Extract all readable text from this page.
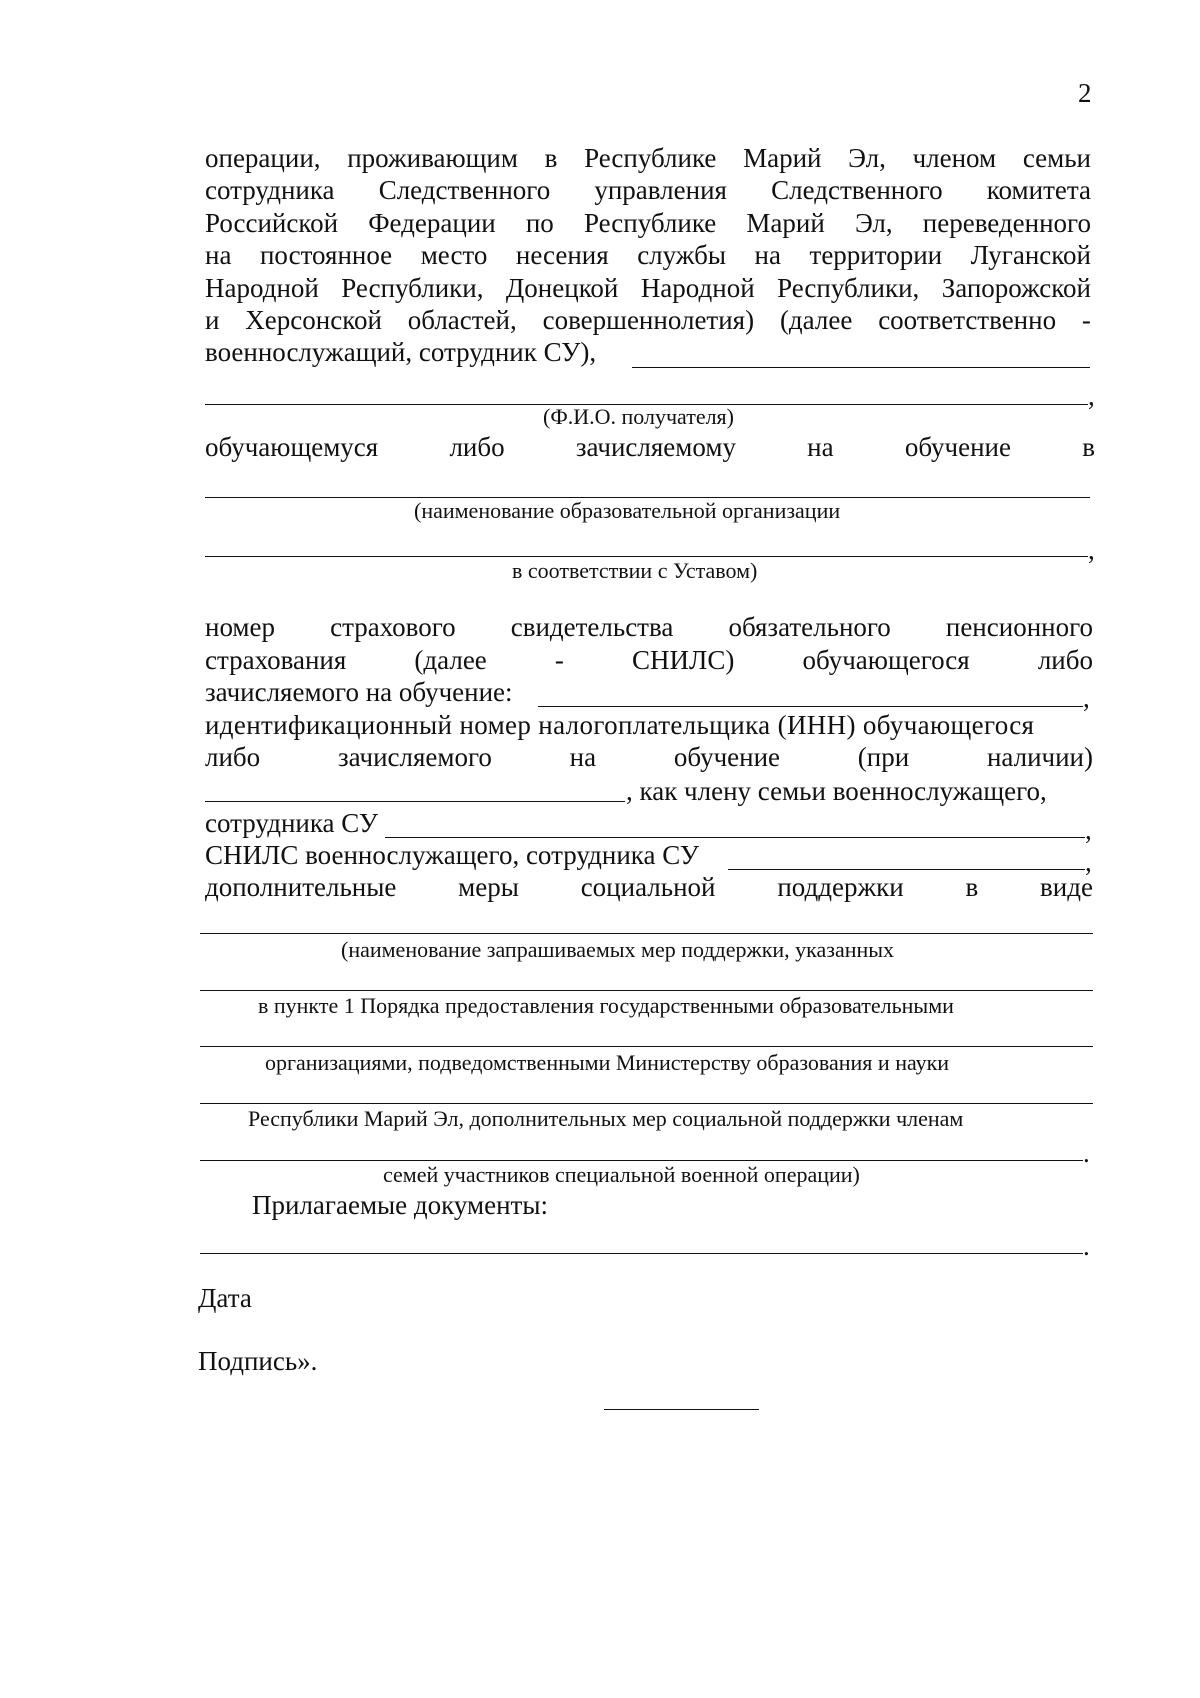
2
операции, проживающим в Республике Марий Эл, членом семьи
сотрудника Следственного управления Следственного комитета
Российской Федерации по Республике Марий Эл, переведенного
на постоянное место несения службы на территории Луганской
Народной Республики, Донецкой Народной Республики, Запорожской
и Херсонской областей, совершеннолетия) (далее соответственно -
военнослужащий, сотрудник СУ),
,
(Ф.И.О. получателя)
обучающемуся	либо	зачисляемому	на	обучение	в
(наименование образовательной организации
,
в соответствии с Уставом)
номер страхового свидетельства обязательного пенсионного
страхования	(далее	-	СНИЛС)	обучающегося	либо
зачисляемого на обучение:	,
идентификационный номер налогоплательщика (ИНН) обучающегося
либо	зачисляемого	на	обучение	(при	наличии)
, как члену семьи военнослужащего,
сотрудника СУ	,
СНИЛС военнослужащего, сотрудника СУ	,
дополнительные меры социальной поддержки в виде
(наименование запрашиваемых мер поддержки, указанных
в пункте 1 Порядка предоставления государственными образовательными
организациями, подведомственными Министерству образования и науки
Республики Марий Эл, дополнительных мер социальной поддержки членам
.
семей участников специальной военной операции)
Прилагаемые документы:
.
Дата
Подпись».
